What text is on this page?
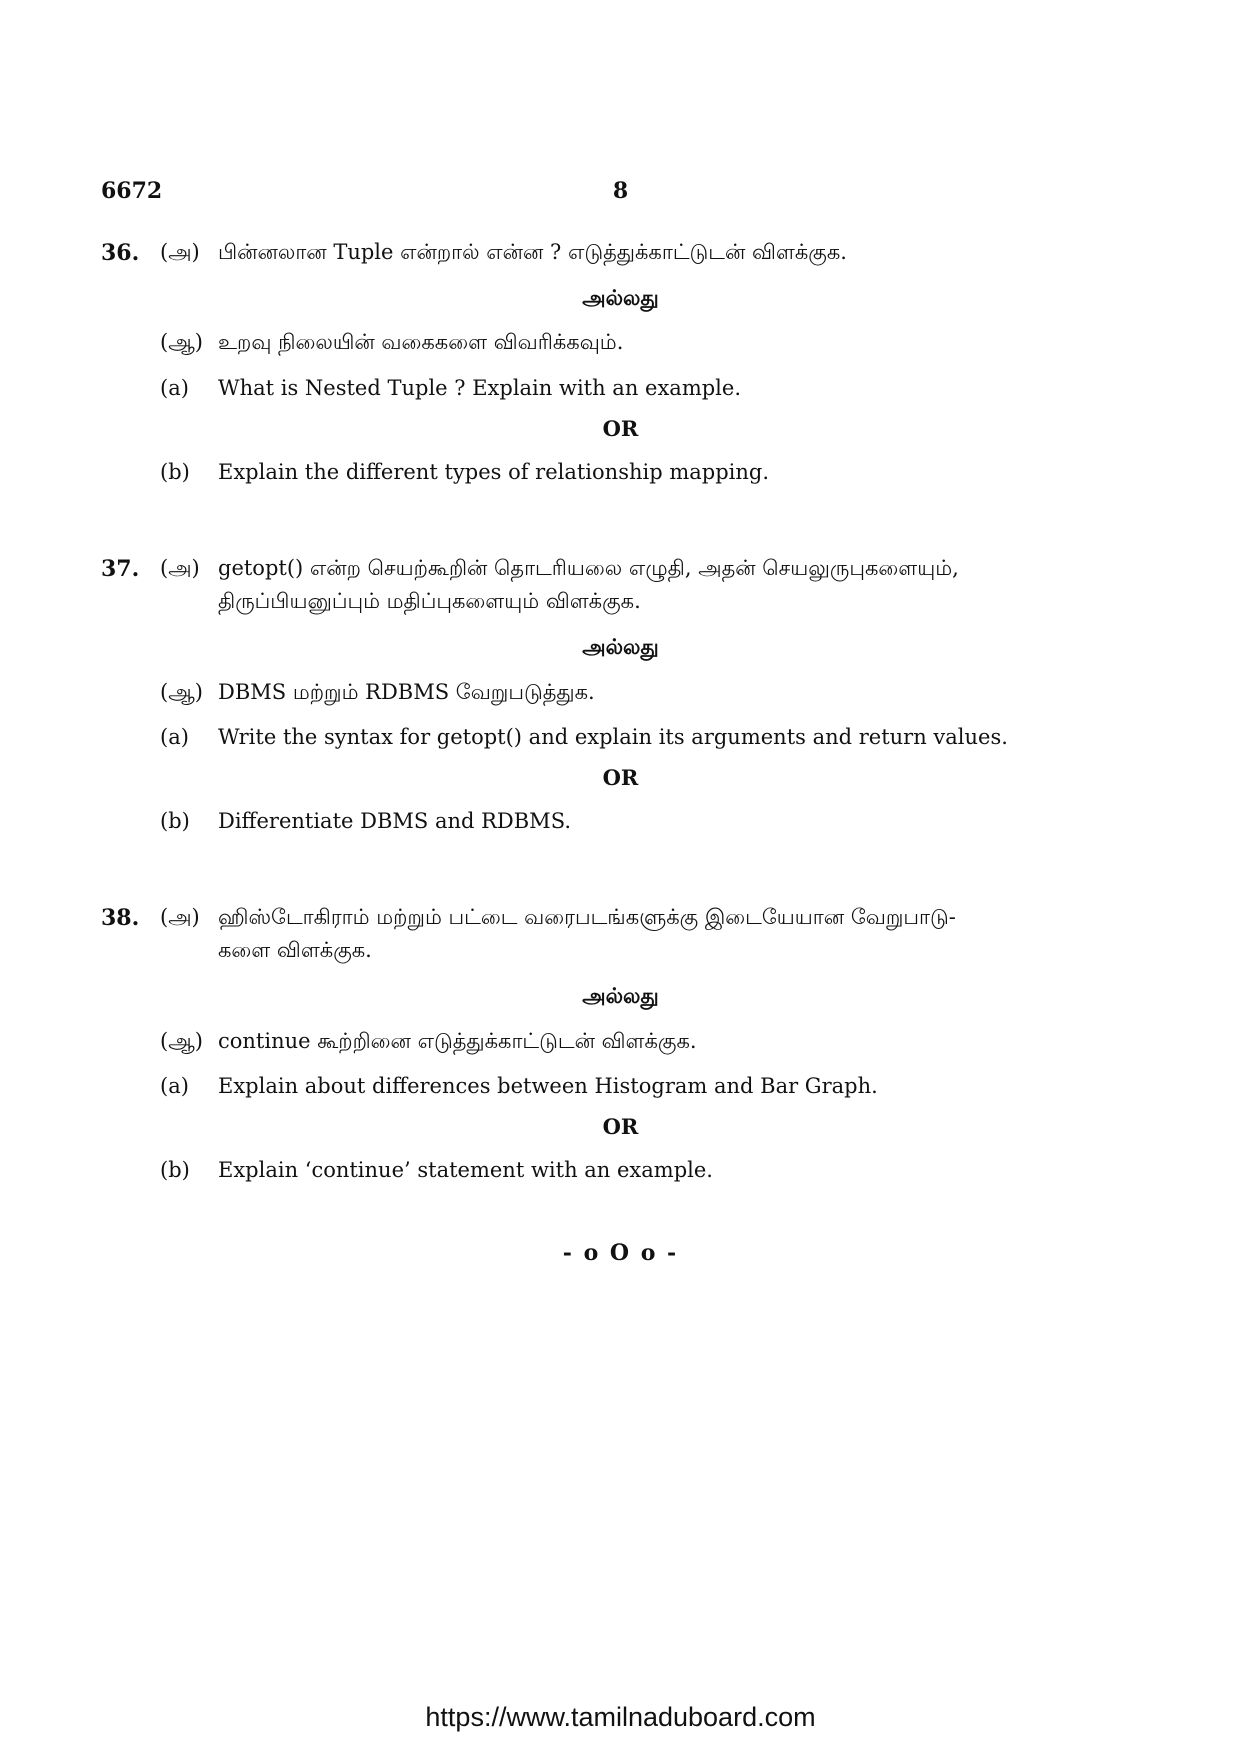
6672	8
36. (அ) பின்னலான Tuple என்றால் என்ன ? எடுத்துக்காட்டுடன் விளக்குக.
அல்லது
(ஆ) உறவு நிலையின் வகைகளை விவரிக்கவும்.
(a) What is Nested Tuple ? Explain with an example.
OR
(b) Explain the different types of relationship mapping.
37. (அ) getopt() என்ற செயற்கூறின் தொடரியலை எழுதி, அதன் செயலுருபுகளையும்,
திருப்பியனுப்பும் மதிப்புகளையும் விளக்குக.
அல்லது
(ஆ) DBMS மற்றும் RDBMS வேறுபடுத்துக.
(a) Write the syntax for getopt() and explain its arguments and return values.
OR
(b) Differentiate DBMS and RDBMS.
38. (அ) ஹிஸ்டோகிராம் மற்றும் பட்டை வரைபடங்களுக்கு இடையேயான வேறுபாடு-
களை விளக்குக.
அல்லது
(ஆ) continue கூற்றினை எடுத்துக்காட்டுடன் விளக்குக.
(a) Explain about differences between Histogram and Bar Graph.
OR
(b) Explain ‘continue’ statement with an example.
- o O o -
https://www.tamilnaduboard.com
